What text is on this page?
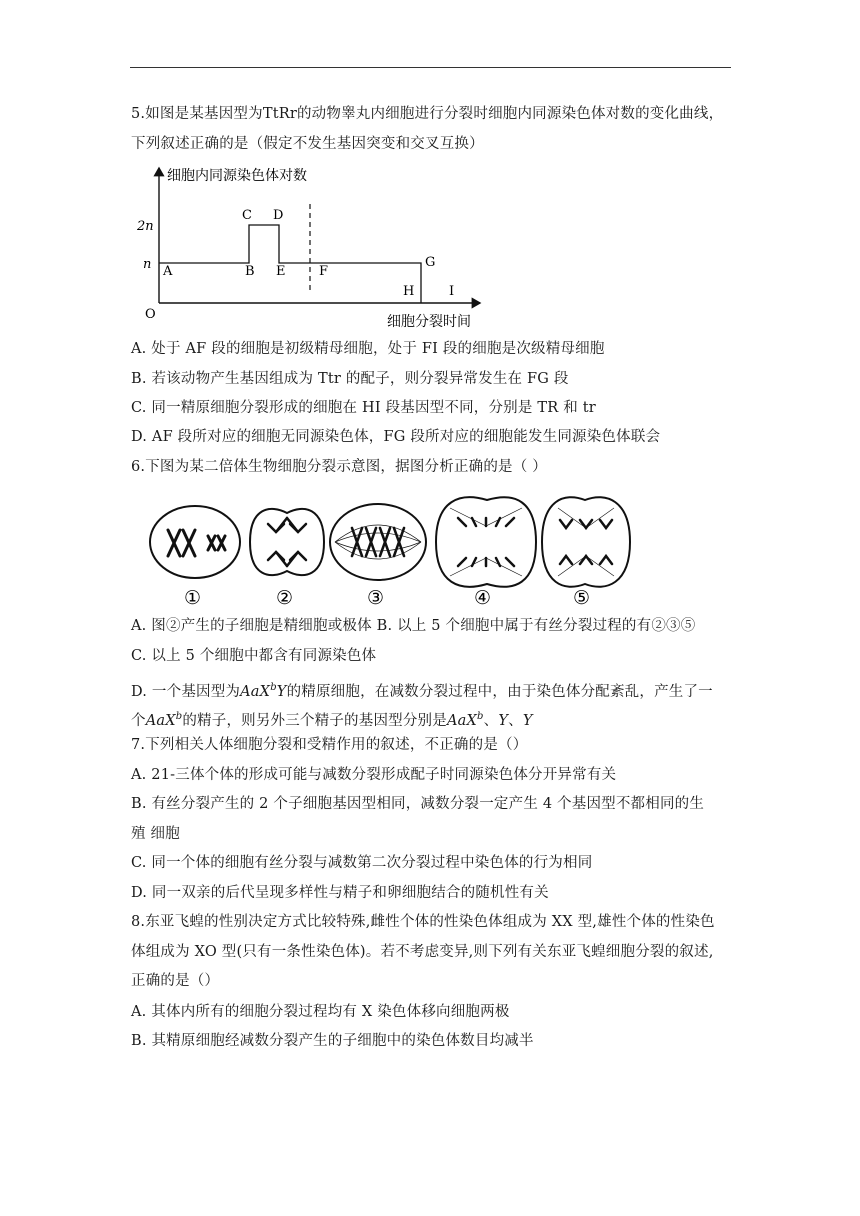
5.如图是某基因型为TtRr的动物睾丸内细胞进行分裂时细胞内同源染色体对数的变化曲线，
下列叙述正确的是（假定不发生基因突变和交叉互换）
细胞内同源染色体对数
O	细胞分裂时间
2n
n A	B
C D
E	F
G
H	I
A. 处于 AF 段的细胞是初级精母细胞，处于 FI 段的细胞是次级精母细胞
B. 若该动物产生基因组成为 Ttr 的配子，则分裂异常发生在 FG 段
C. 同一精原细胞分裂形成的细胞在 HI 段基因型不同，分别是 TR 和 tr
D. AF 段所对应的细胞无同源染色体，FG 段所对应的细胞能发生同源染色体联会
6.下图为某二倍体生物细胞分裂示意图，据图分析正确的是（ ）
①	②	③	④	⑤
A. 图②产生的子细胞是精细胞或极体 B. 以上 5 个细胞中属于有丝分裂过程的有②③⑤
C. 以上 5 个细胞中都含有同源染色体
D. 一个基因型为AaX$^b$Y的精原细胞，在减数分裂过程中，由于染色体分配紊乱，产生了一
个AaX$^b$的精子，则另外三个精子的基因型分别是AaX$^b$、Y、Y
7.下列相关人体细胞分裂和受精作用的叙述，不正确的是（）
A. 21-三体个体的形成可能与减数分裂形成配子时同源染色体分开异常有关
B. 有丝分裂产生的 2 个子细胞基因型相同，减数分裂一定产生 4 个基因型不都相同的生
殖 细胞
C. 同一个体的细胞有丝分裂与减数第二次分裂过程中染色体的行为相同
D. 同一双亲的后代呈现多样性与精子和卵细胞结合的随机性有关
8.东亚飞蝗的性别决定方式比较特殊,雌性个体的性染色体组成为 XX 型,雄性个体的性染色
体组成为 XO 型(只有一条性染色体)。若不考虑变异,则下列有关东亚飞蝗细胞分裂的叙述,
正确的是（）
A. 其体内所有的细胞分裂过程均有 X 染色体移向细胞两极
B. 其精原细胞经减数分裂产生的子细胞中的染色体数目均减半
